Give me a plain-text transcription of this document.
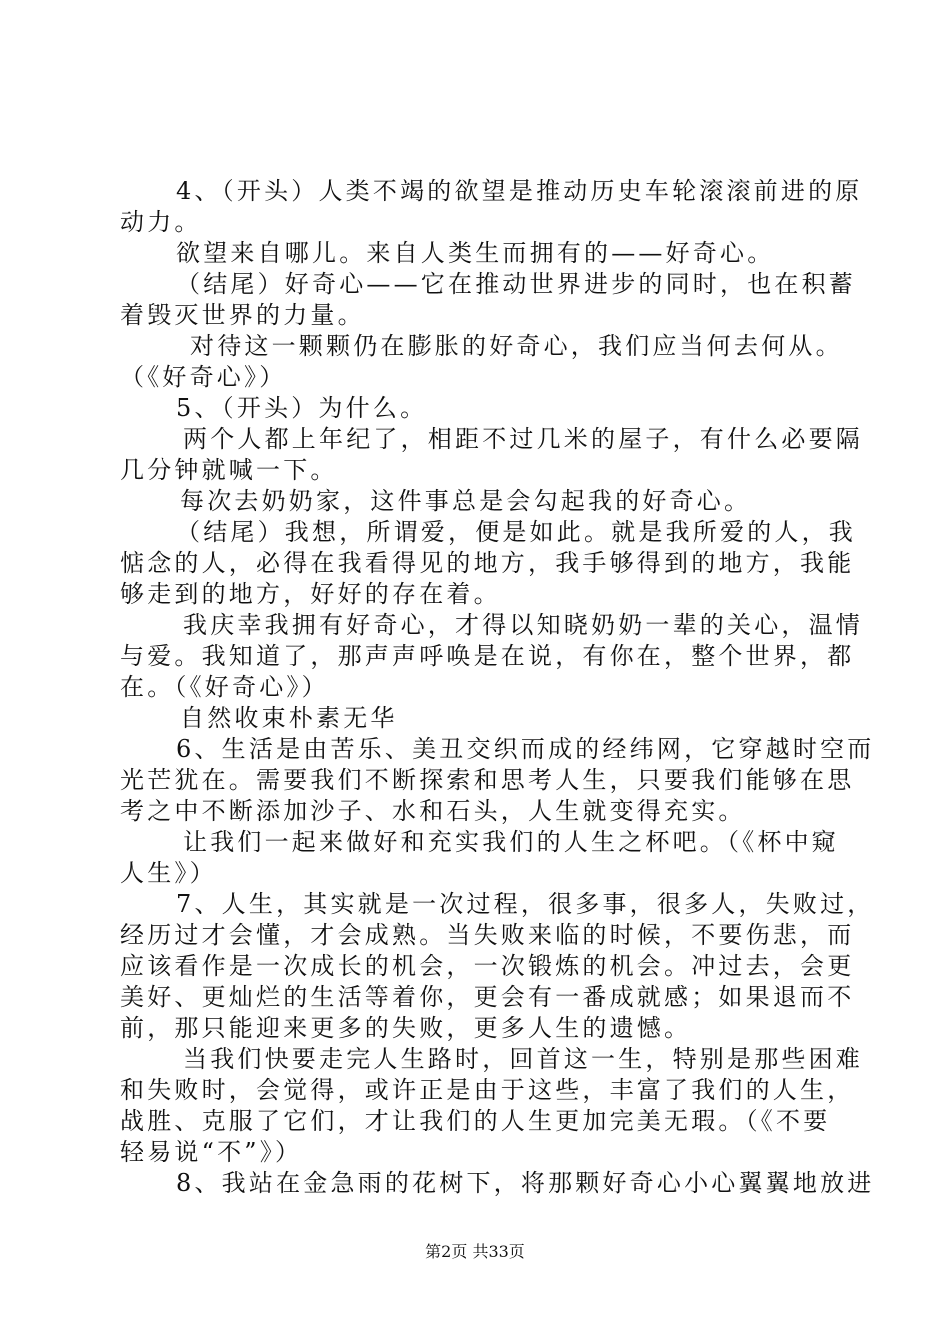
4、（开头）人类不竭的欲望是推动历史车轮滚滚前进的原
动力。
欲望来自哪儿。来自人类生而拥有的——好奇心。
（结尾）好奇心——它在推动世界进步的同时，也在积蓄
着毁灭世界的力量。
对待这一颗颗仍在膨胀的好奇心，我们应当何去何从。
（《好奇心》）
5、（开头）为什么。
两个人都上年纪了，相距不过几米的屋子，有什么必要隔
几分钟就喊一下。
每次去奶奶家，这件事总是会勾起我的好奇心。
（结尾）我想，所谓爱，便是如此。就是我所爱的人，我
惦念的人，必得在我看得见的地方，我手够得到的地方，我能
够走到的地方，好好的存在着。
我庆幸我拥有好奇心，才得以知晓奶奶一辈的关心，温情
与爱。我知道了，那声声呼唤是在说，有你在，整个世界，都
在。（《好奇心》）
自然收束朴素无华
6、生活是由苦乐、美丑交织而成的经纬网，它穿越时空而
光芒犹在。需要我们不断探索和思考人生，只要我们能够在思
考之中不断添加沙子、水和石头，人生就变得充实。
让我们一起来做好和充实我们的人生之杯吧。（《杯中窥
人生》）
7、人生，其实就是一次过程，很多事，很多人，失败过，
经历过才会懂，才会成熟。当失败来临的时候，不要伤悲，而
应该看作是一次成长的机会，一次锻炼的机会。冲过去，会更
美好、更灿烂的生活等着你，更会有一番成就感；如果退而不
前，那只能迎来更多的失败，更多人生的遗憾。
当我们快要走完人生路时，回首这一生，特别是那些困难
和失败时，会觉得，或许正是由于这些，丰富了我们的人生，
战胜、克服了它们，才让我们的人生更加完美无瑕。（《不要
轻易说“不”》）
8、我站在金急雨的花树下，将那颗好奇心小心翼翼地放进
第2页 共33页
